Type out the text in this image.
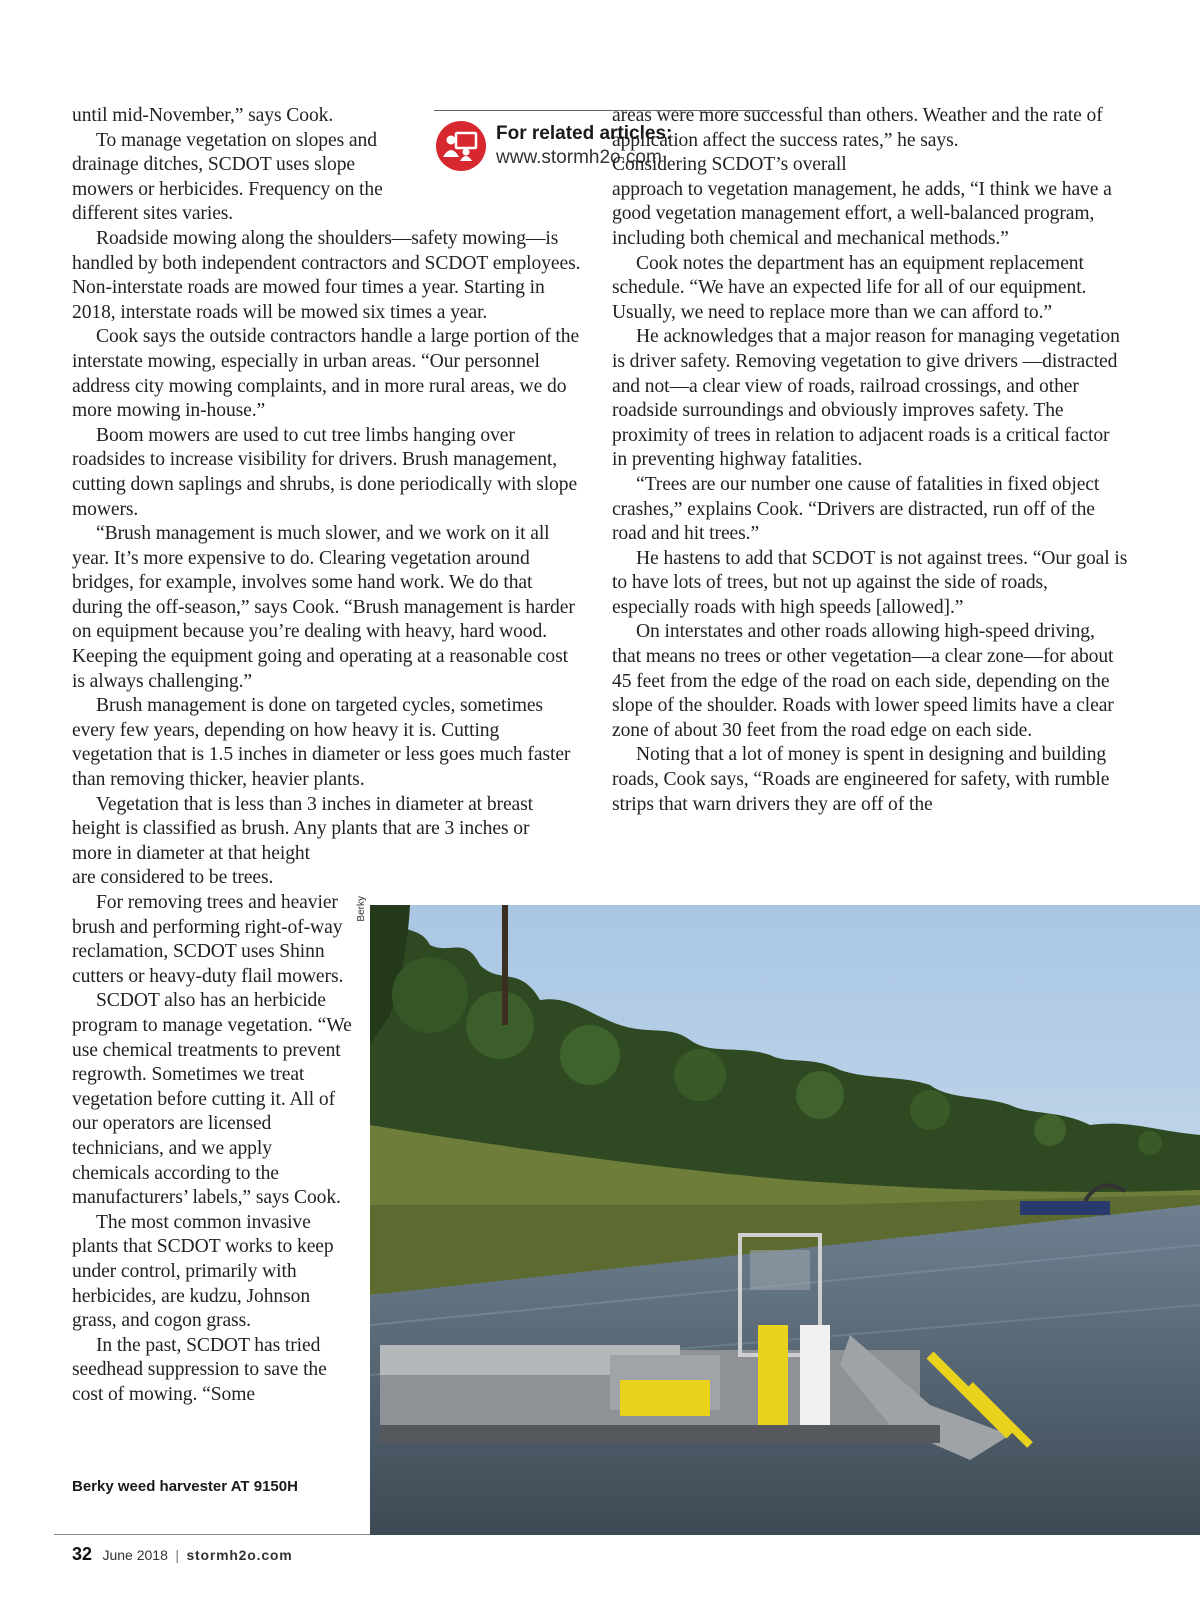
For related articles:
www.stormh2o.com

until mid-November,” says Cook.

To manage vegetation on slopes and drainage ditches, SCDOT uses slope mowers or herbicides. Frequency on the different sites varies.

Roadside mowing along the shoulders—safety mowing—is handled by both independent contractors and SCDOT employees. Non-interstate roads are mowed four times a year. Starting in 2018, interstate roads will be mowed six times a year.

Cook says the outside contractors handle a large portion of the interstate mowing, especially in urban areas. “Our personnel address city mowing complaints, and in more rural areas, we do more mowing in-house.”

Boom mowers are used to cut tree limbs hanging over roadsides to increase visibility for drivers. Brush management, cutting down saplings and shrubs, is done periodically with slope mowers.

“Brush management is much slower, and we work on it all year. It’s more expensive to do. Clearing vegetation around bridges, for example, involves some hand work. We do that during the off-season,” says Cook. “Brush management is harder on equipment because you’re dealing with heavy, hard wood. Keeping the equipment going and operating at a reasonable cost is always challenging.”

Brush management is done on targeted cycles, sometimes every few years, depending on how heavy it is. Cutting vegetation that is 1.5 inches in diameter or less goes much faster than removing thicker, heavier plants.

Vegetation that is less than 3 inches in diameter at breast height is classified as brush. Any plants that are 3 inches or

more in diameter at that height are considered to be trees.

For removing trees and heavier brush and performing right-of-way reclamation, SCDOT uses Shinn cutters or heavy-duty flail mowers.

SCDOT also has an herbicide program to manage vegetation. “We use chemical treatments to prevent regrowth. Sometimes we treat vegetation before cutting it. All of our operators are licensed technicians, and we apply chemicals according to the manufacturers’ labels,” says Cook.

The most common invasive plants that SCDOT works to keep under control, primarily with herbicides, are kudzu, Johnson grass, and cogon grass.

In the past, SCDOT has tried seedhead suppression to save the cost of mowing. “Some

areas were more successful than others. Weather and the rate of application affect the success rates,” he says.

Considering SCDOT’s overall

approach to vegetation management, he adds, “I think we have a good vegetation management effort, a well-balanced program, including both chemical and mechanical methods.”

Cook notes the department has an equipment replacement schedule. “We have an expected life for all of our equipment. Usually, we need to replace more than we can afford to.”

He acknowledges that a major reason for managing vegetation is driver safety. Removing vegetation to give drivers —distracted and not—a clear view of roads, railroad crossings, and other roadside surroundings and obviously improves safety. The proximity of trees in relation to adjacent roads is a critical factor in preventing highway fatalities.

“Trees are our number one cause of fatalities in fixed object crashes,” explains Cook. “Drivers are distracted, run off of the road and hit trees.”

He hastens to add that SCDOT is not against trees. “Our goal is to have lots of trees, but not up against the side of roads, especially roads with high speeds [allowed].”

On interstates and other roads allowing high-speed driving, that means no trees or other vegetation—a clear zone—for about 45 feet from the edge of the road on each side, depending on the slope of the shoulder. Roads with lower speed limits have a clear zone of about 30 feet from the road edge on each side.

Noting that a lot of money is spent in designing and building roads, Cook says, “Roads are engineered for safety, with rumble strips that warn drivers they are off of the

Berky
Berky weed harvester AT 9150H
32 June 2018 | stormh2o.com
